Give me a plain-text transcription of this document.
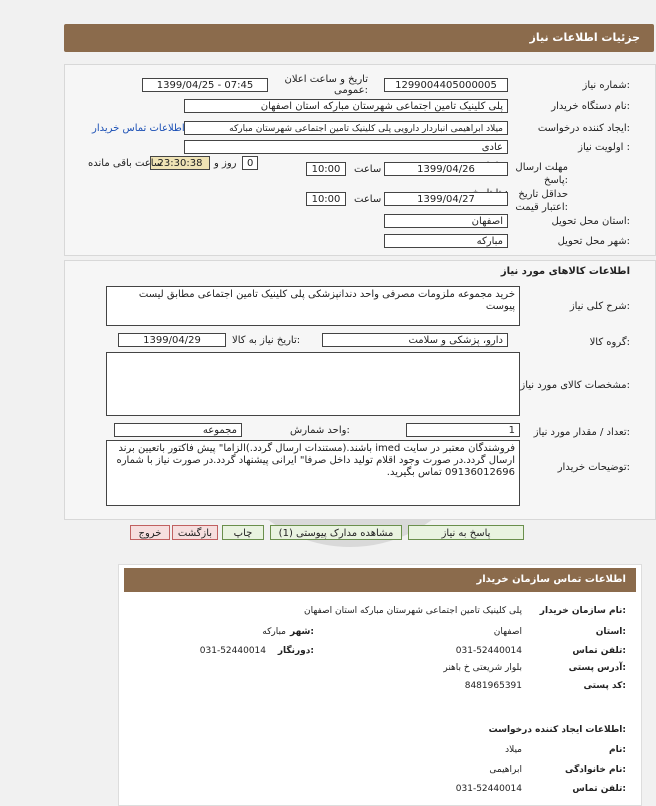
جزئیات اطلاعات نیاز
شماره نیاز:
1299004405000005
تاریخ و ساعت اعلان عمومی:
1399/04/25 - 07:45
نام دستگاه خریدار:
پلی کلینیک تامین اجتماعی شهرستان مبارکه استان اصفهان
ایجاد کننده درخواست:
میلاد ابراهیمی انباردار دارویی پلی کلینیک تامین اجتماعی شهرستان مبارکه
اطلاعات تماس خریدار
اولویت نیاز :
عادی
مهلت ارسال پاسخ:
1399/04/26
ساعت
10:00
0
روز و
23:30:38
ساعت باقی مانده
حداقل تاریخ اعتبار قیمت:
1399/04/27
ساعت
10:00
استان محل تحویل:
اصفهان
شهر محل تحویل:
مبارکه
اطلاعات کالاهای مورد نیاز
شرح کلی نیاز:
خرید مجموعه ملزومات مصرفی واحد دندانپزشکی پلی کلینیک تامین اجتماعی مطابق لیست پیوست
گروه کالا:
دارو، پزشکی و سلامت
تاریخ نیاز به کالا:
1399/04/29
مشخصات کالای مورد نیاز:
تعداد / مقدار مورد نیاز:
1
واحد شمارش:
مجموعه
توضیحات خریدار:
فروشندگان معتبر در سایت imed باشند.(مستندات ارسال گردد.)الزاما" پیش فاکتور باتعیین برند ارسال گردد.در صورت وجود اقلام تولید داخل صرفا" ایرانی پیشنهاد گردد.در صورت نیاز با شماره 09136012696 تماس بگیرید.
پاسخ به نیاز
مشاهده مدارک پیوستی (1)
چاپ
بازگشت
خروج
اطلاعات تماس سازمان خریدار
نام سازمان خریدار:
پلی کلینیک تامین اجتماعی شهرستان مبارکه استان اصفهان
استان:
اصفهان
شهر:
مبارکه
تلفن تماس:
031-52440014
دورنگار:
031-52440014
آدرس پستی:
بلوار شریعتی خ باهنر
کد پستی:
8481965391
اطلاعات ایجاد کننده درخواست:
نام:
میلاد
نام خانوادگی:
ابراهیمی
تلفن تماس:
031-52440014
